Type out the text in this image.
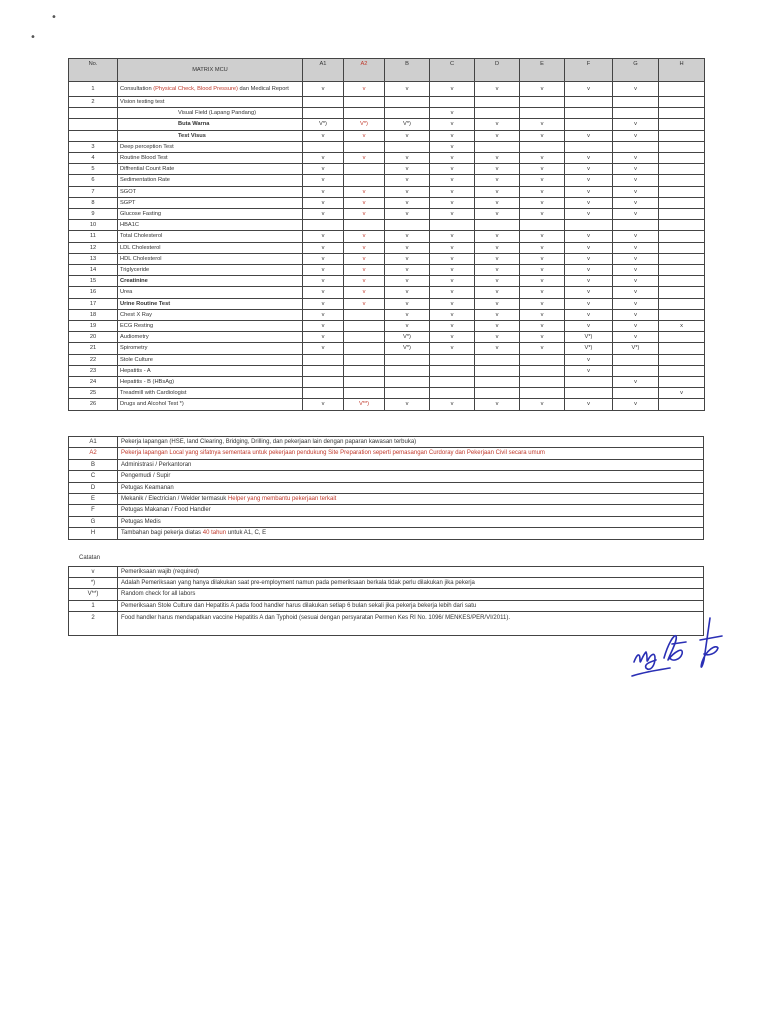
•
•
No.	MATRIX MCU	A1	A2	B	C	D	E	F	G	H

1	Consultation (Physical Check, Blood Pressure) dan Medical Report	v	v	v	v	v	v	v	v	
2	Vision testing test									
	Visual Field (Lapang Pandang)				v					
	Buta Warna	V*)	V*)	V*)	v	v	v		v	
	Test Visus	v	v	v	v	v	v	v	v	
3	Deep perception Test				v					
4	Routine Blood Test	v	v	v	v	v	v	v	v	
5	Diffrential Count Rate	v		v	v	v	v	v	v	
6	Sedimentation Rate	v		v	v	v	v	v	v	
7	SGOT	v	v	v	v	v	v	v	v	
8	SGPT	v	v	v	v	v	v	v	v	
9	Glucose Fasting	v	v	v	v	v	v	v	v	
10	HBA1C									
11	Total Cholesterol	v	v	v	v	v	v	v	v	
12	LDL Cholesterol	v	v	v	v	v	v	v	v	
13	HDL Cholesterol	v	v	v	v	v	v	v	v	
14	Triglyceride	v	v	v	v	v	v	v	v	
15	Creatinine	v	v	v	v	v	v	v	v	
16	Urea	v	v	v	v	v	v	v	v	
17	Urine Routine Test	v	v	v	v	v	v	v	v	
18	Chest X Ray	v		v	v	v	v	v	v	
19	ECG Resting	v		v	v	v	v	v	v	x
20	Audiometry	v		V*)	v	v	v	V*)	v	
21	Spirometry	v		V*)	v	v	v	V*)	V*)	
22	Stole Culture							v		
23	Hepatitis - A							v		
24	Hepatitis - B (HBsAg)								v	
25	Treadmill with Cardiologist									v
26	Drugs and Alcohol Test *)	v	V**)	v	v	v	v	v	v	
A1	Pekerja lapangan (HSE, land Clearing, Bridging, Drilling, dan pekerjaan lain dengan paparan kawasan terbuka)
A2	Pekerja lapangan Local yang sifatnya sementara untuk pekerjaan pendukung Site Preparation seperti pemasangan Curdoray dan Pekerjaan Civil secara umum
B	Administrasi / Perkantoran
C	Pengemudi / Supir
D	Petugas Keamanan
E	Mekanik / Electrician / Welder termasuk Helper yang membantu pekerjaan terkait
F	Petugas Makanan / Food Handler
G	Petugas Medis
H	Tambahan bagi pekerja diatas 40 tahun untuk A1, C, E
Catatan
v	Pemeriksaan wajib (required)
*)	Adalah Pemeriksaan yang hanya dilakukan saat pre-employment namun pada pemeriksaan berkala tidak perlu dilakukan jika pekerja
V**)	Random check for all labors
1	Pemeriksaan Stole Culture dan Hepatitis A pada food handler harus dilakukan setiap 6 bulan sekali jika pekerja bekerja lebih dari satu
2	Food handler harus mendapatkan vaccine Hepatitis A dan Typhoid (sesuai dengan persyaratan Permen Kes RI No. 1096/ MENKES/PER/VI/2011).
